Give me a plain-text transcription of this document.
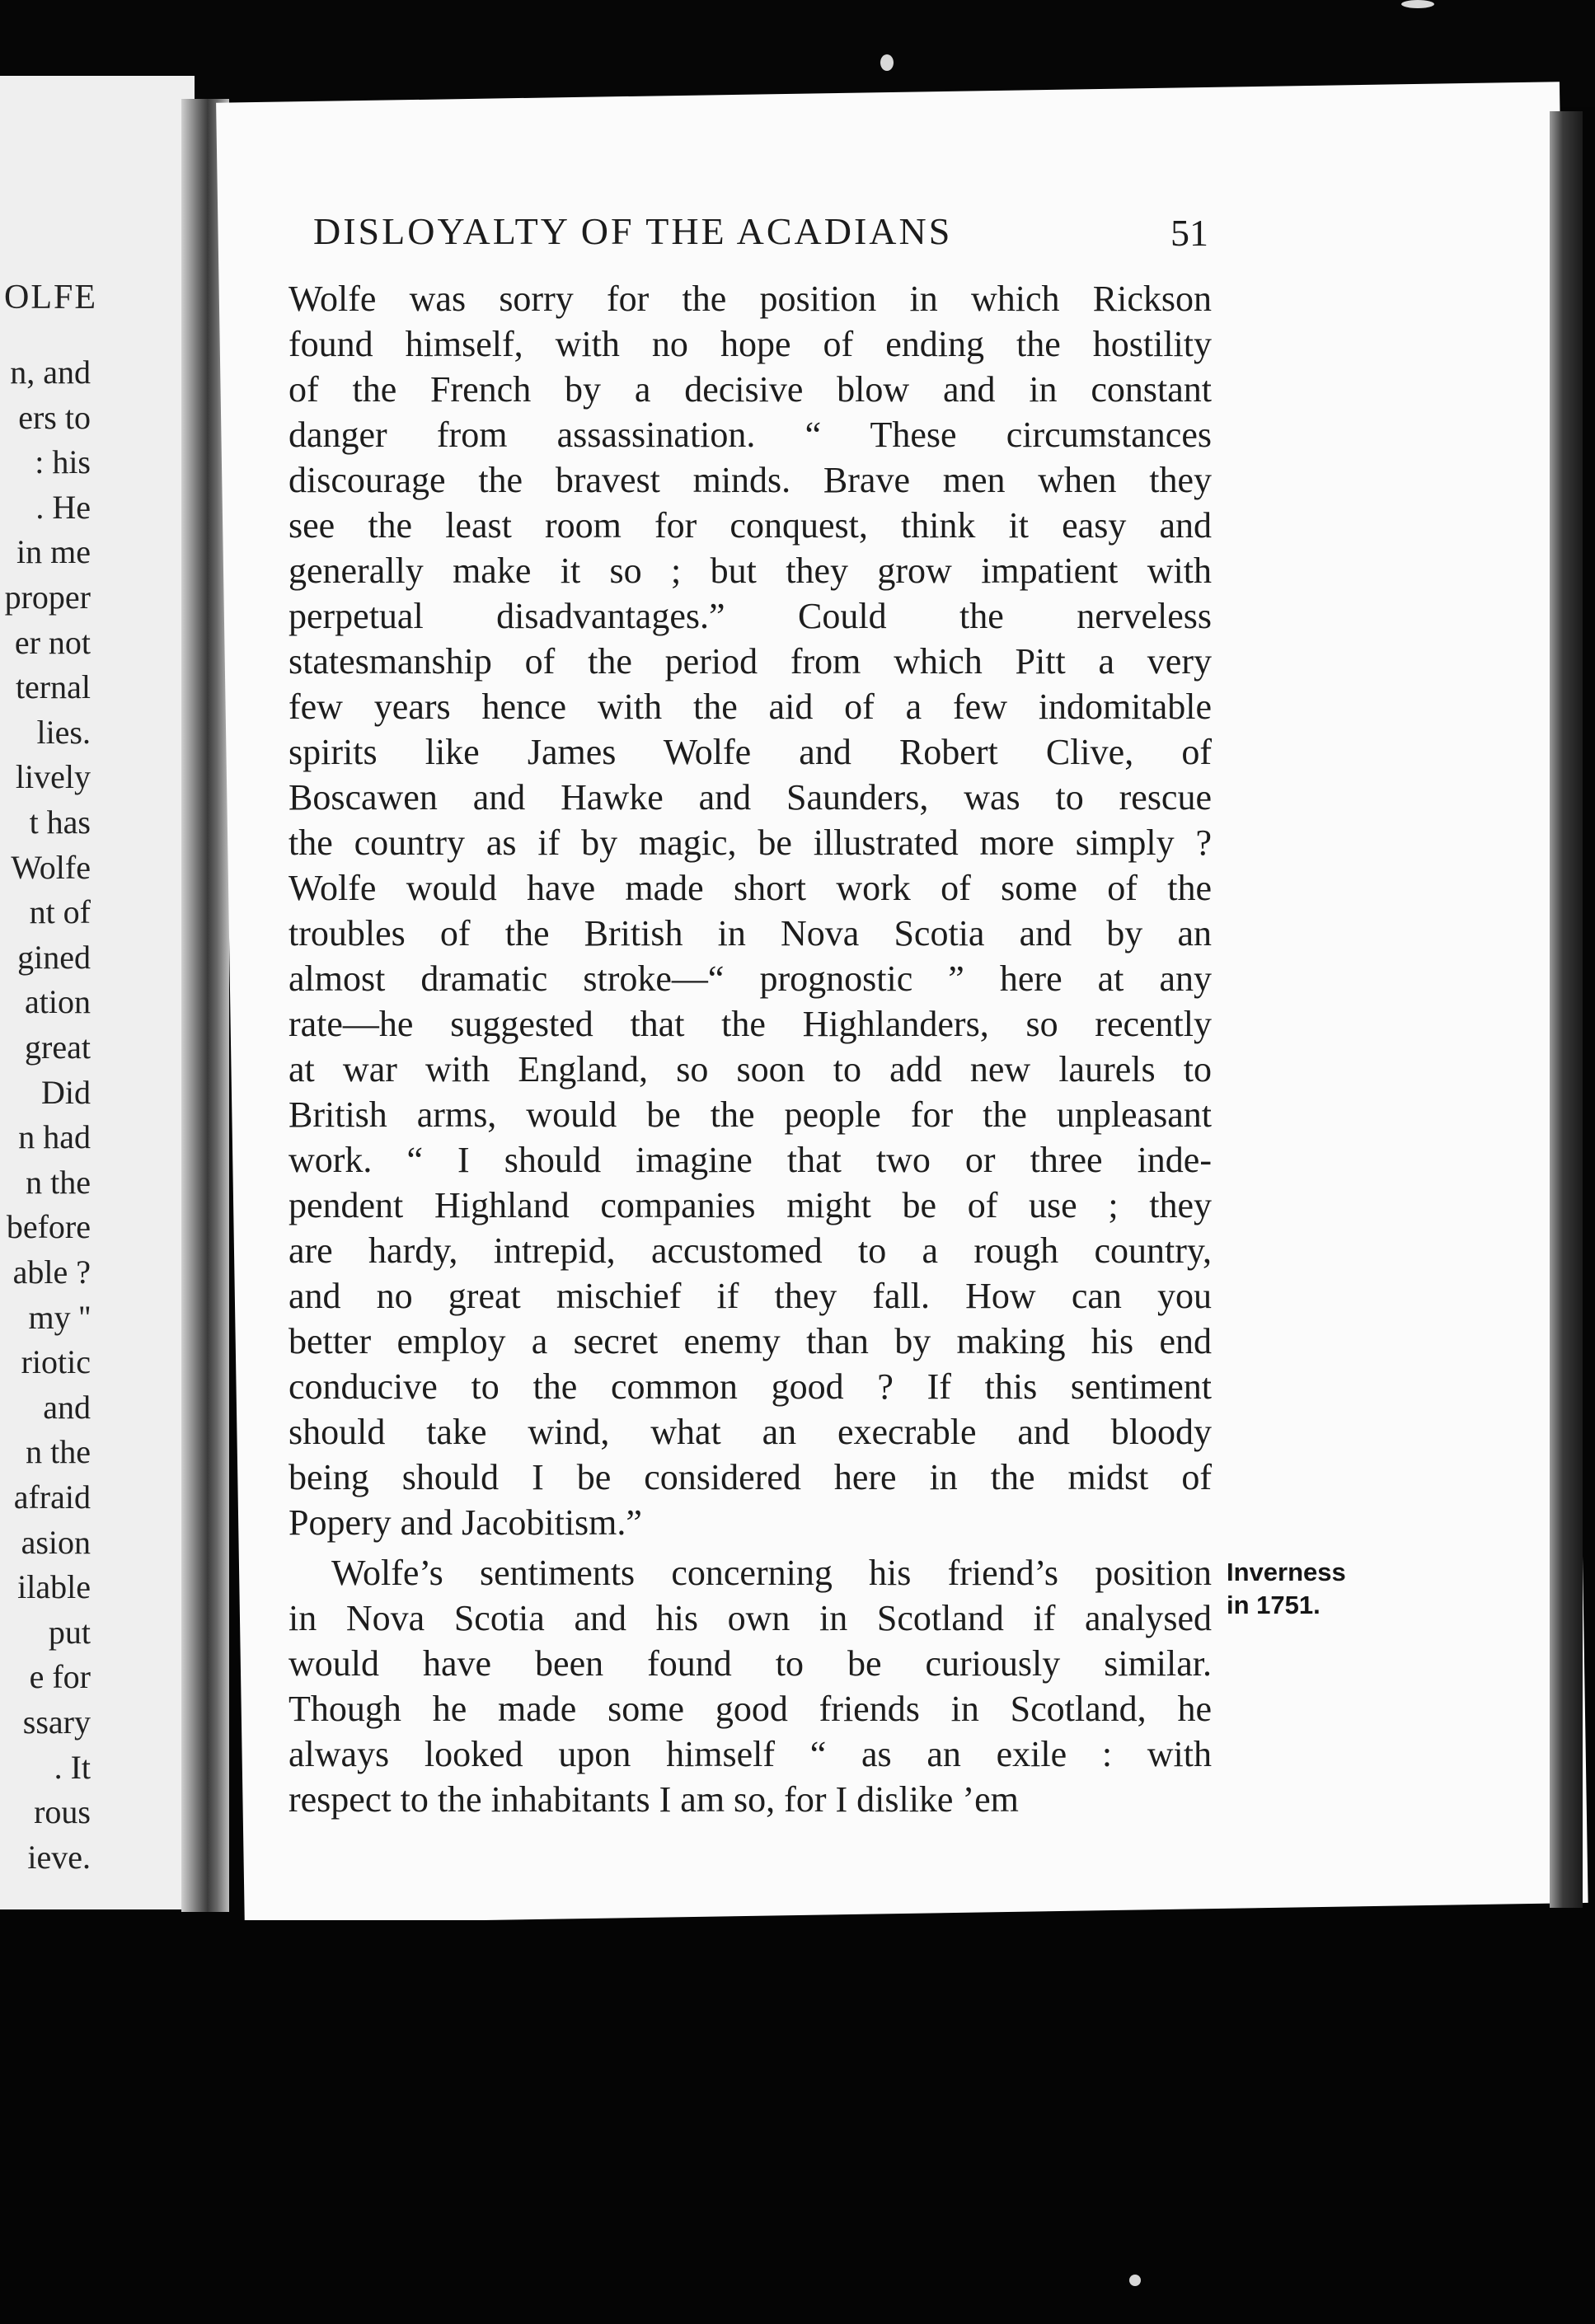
OLFE
n, and
ers to
: his
. He
in me
proper
er not
ternal
lies.
lively
t has
Wolfe
nt of
gined
ation
great
Did
n had
n the
before
able ?
my ''
riotic
and
n the
afraid
asion
ilable
put
e for
ssary
. It
rous
ieve.
DISLOYALTY OF THE ACADIANS	51
Wolfe was sorry for the position in which Rickson
found himself, with no hope of ending the hostility
of the French by a decisive blow and in constant
danger from assassination. “ These circumstances
discourage the bravest minds. Brave men when they
see the least room for conquest, think it easy and
generally make it so ; but they grow impatient with
perpetual disadvantages.” Could the nerveless
statesmanship of the period from which Pitt a very
few years hence with the aid of a few indomitable
spirits like James Wolfe and Robert Clive, of
Boscawen and Hawke and Saunders, was to rescue
the country as if by magic, be illustrated more simply ?
Wolfe would have made short work of some of the
troubles of the British in Nova Scotia and by an
almost dramatic stroke—“ prognostic ” here at any
rate—he suggested that the Highlanders, so recently
at war with England, so soon to add new laurels to
British arms, would be the people for the unpleasant
work. “ I should imagine that two or three inde-
pendent Highland companies might be of use ; they
are hardy, intrepid, accustomed to a rough country,
and no great mischief if they fall. How can you
better employ a secret enemy than by making his end
conducive to the common good ? If this sentiment
should take wind, what an execrable and bloody
being should I be considered here in the midst of
Popery and Jacobitism.”
Wolfe’s sentiments concerning his friend’s position
in Nova Scotia and his own in Scotland if analysed
would have been found to be curiously similar.
Though he made some good friends in Scotland, he
always looked upon himself “ as an exile : with
respect to the inhabitants I am so, for I dislike ’em
Inverness
in 1751.
